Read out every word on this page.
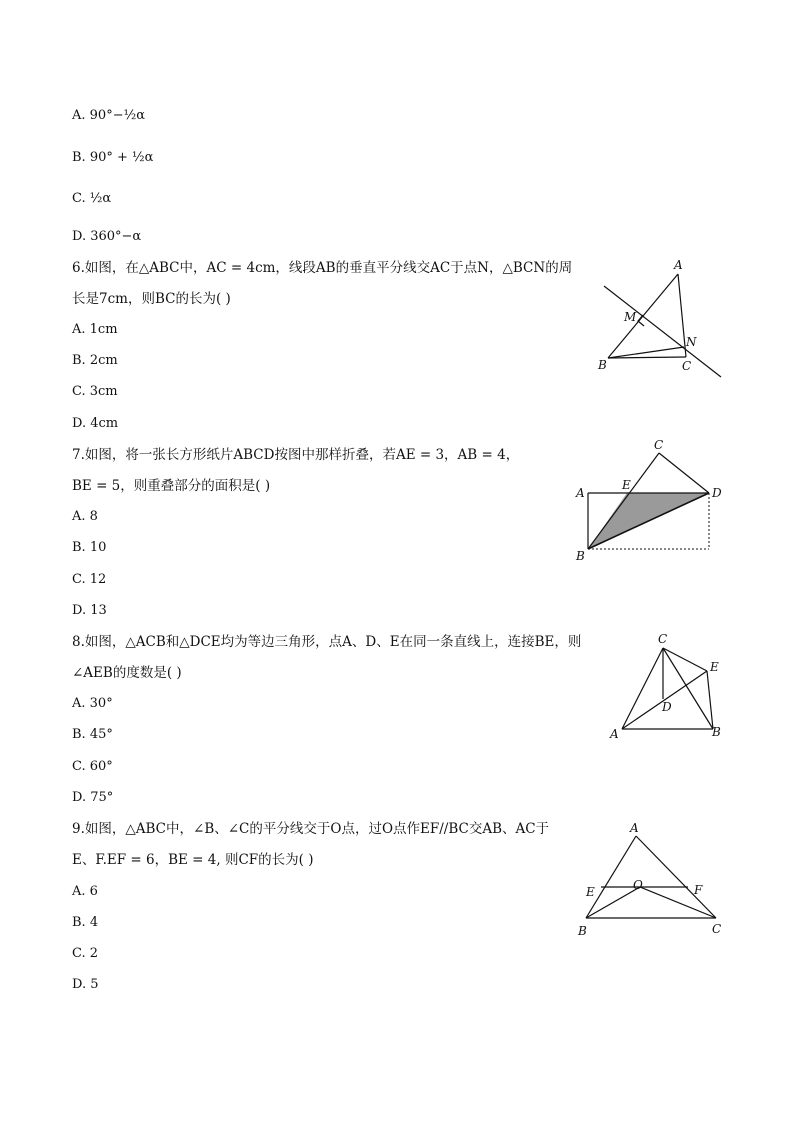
A. 90°−½α
B. 90° + ½α
C. ½α
D. 360°−α
6.如图，在△ABC中，AC = 4cm，线段AB的垂直平分线交AC于点N，△BCN的周
长是7cm，则BC的长为( )
A. 1cm
B. 2cm
C. 3cm
D. 4cm
A
M
N
B	C
7.如图，将一张长方形纸片ABCD按图中那样折叠，若AE = 3，AB = 4，
BE = 5，则重叠部分的面积是( )
A. 8
B. 10
C. 12
D. 13
C
A
E
D
B
8.如图，△ACB和△DCE均为等边三角形，点A、D、E在同一条直线上，连接BE，则
∠AEB的度数是( )
A. 30°
B. 45°
C. 60°
D. 75°
C
E
D
A	B
9.如图，△ABC中，∠B、∠C的平分线交于O点，过O点作EF//BC交AB、AC于
E、F.EF = 6，BE = 4, 则CF的长为( )
A. 6
B. 4
C. 2
D. 5
A
E	O	F
B	C
